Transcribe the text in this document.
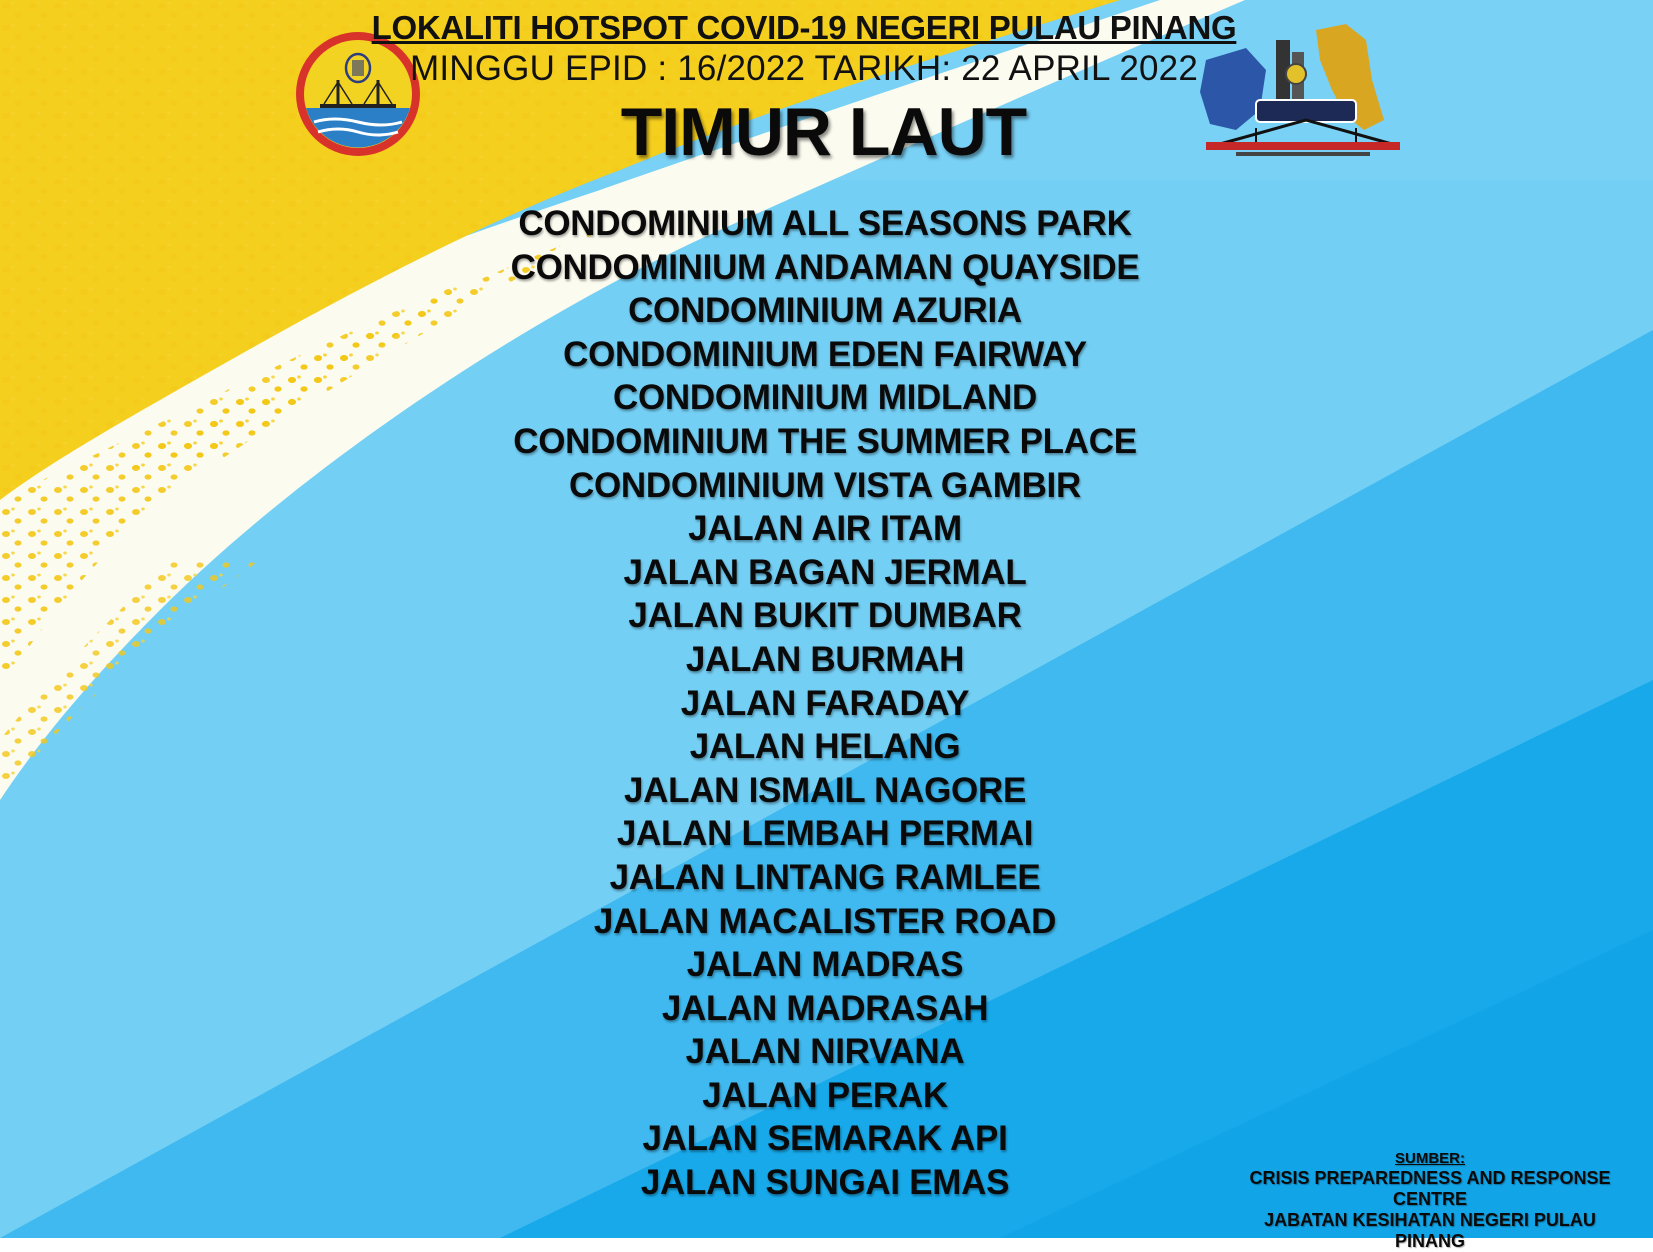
LOKALITI HOTSPOT COVID-19 NEGERI PULAU PINANG
MINGGU EPID : 16/2022 TARIKH: 22 APRIL 2022
TIMUR LAUT
CONDOMINIUM ALL SEASONS PARK
CONDOMINIUM ANDAMAN QUAYSIDE
CONDOMINIUM AZURIA
CONDOMINIUM EDEN FAIRWAY
CONDOMINIUM MIDLAND
CONDOMINIUM THE SUMMER PLACE
CONDOMINIUM VISTA GAMBIR
JALAN AIR ITAM
JALAN BAGAN JERMAL
JALAN BUKIT DUMBAR
JALAN BURMAH
JALAN FARADAY
JALAN HELANG
JALAN ISMAIL NAGORE
JALAN LEMBAH PERMAI
JALAN LINTANG RAMLEE
JALAN MACALISTER ROAD
JALAN MADRAS
JALAN MADRASAH
JALAN NIRVANA
JALAN PERAK
JALAN SEMARAK API
JALAN SUNGAI EMAS
SUMBER:
CRISIS PREPAREDNESS AND RESPONSE
CENTRE
JABATAN KESIHATAN NEGERI PULAU PINANG
